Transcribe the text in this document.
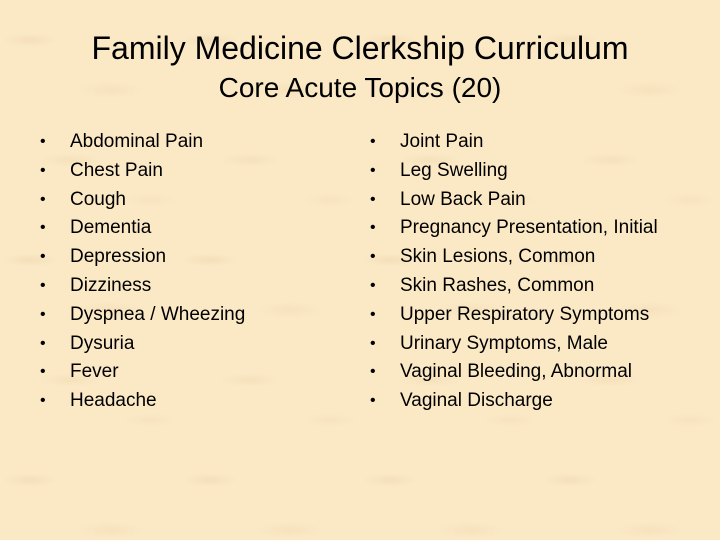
Family Medicine Clerkship Curriculum
Core Acute Topics (20)
•	Abdominal Pain
•	Chest Pain
•	Cough
•	Dementia
•	Depression
•	Dizziness
•	Dyspnea / Wheezing
•	Dysuria
•	Fever
•	Headache
•	Joint Pain
•	Leg Swelling
•	Low Back Pain
•	Pregnancy Presentation, Initial
•	Skin Lesions, Common
•	Skin Rashes, Common
•	Upper Respiratory Symptoms
•	Urinary Symptoms, Male
•	Vaginal Bleeding, Abnormal
•	Vaginal Discharge
